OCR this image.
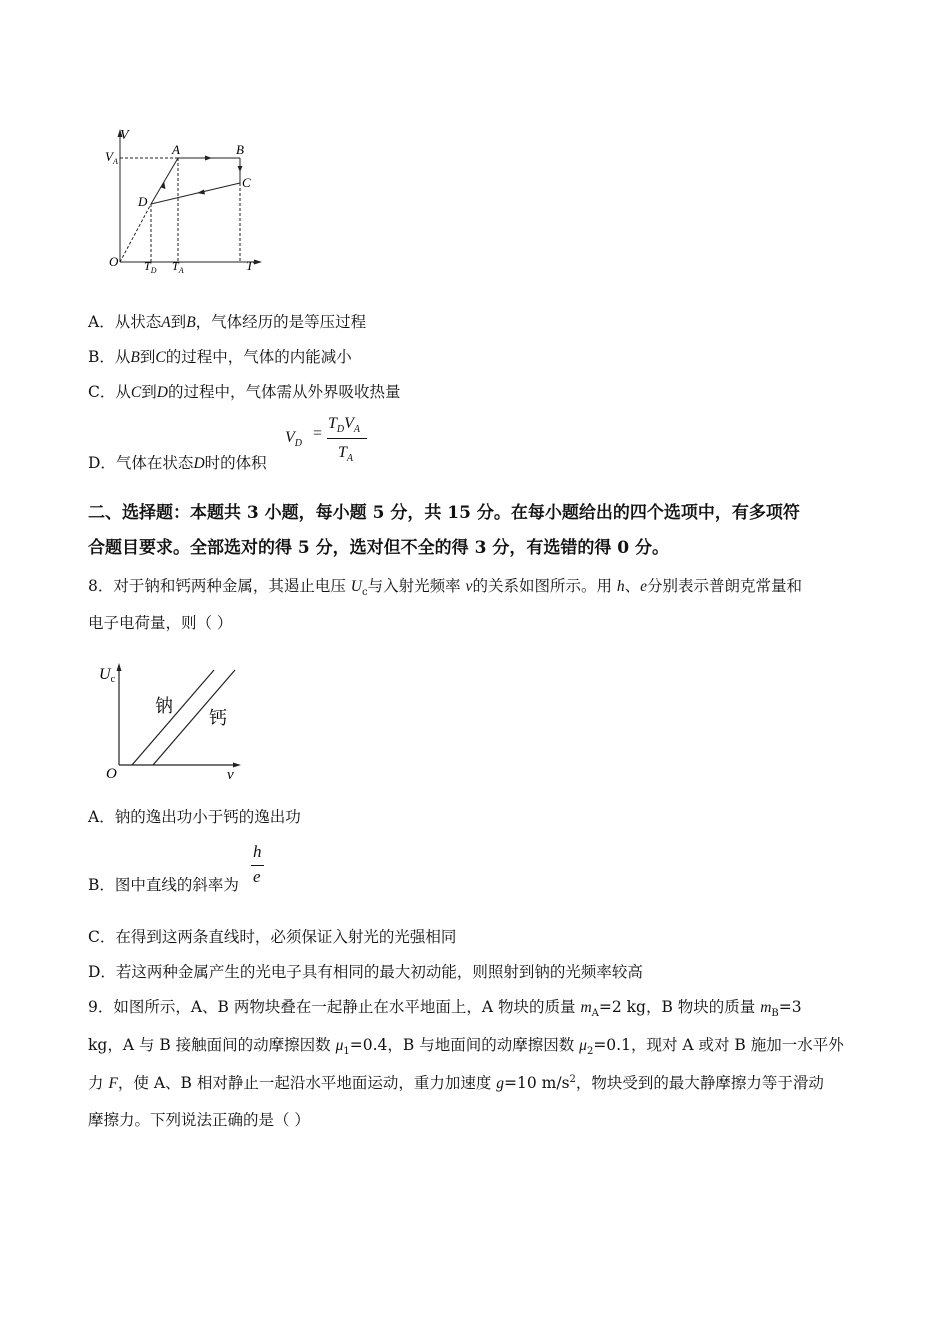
V
$V_A$
A	B
C
D
O $T_D$ $T_A$	T
A．从状态A到B，气体经历的是等压过程
B．从B到C的过程中，气体的内能减小
C．从C到D的过程中，气体需从外界吸收热量
D．气体在状态D时的体积
$V_D$
=
$T_DV_A$
$T_A$
二、选择题：本题共 3 小题，每小题 5 分，共 15 分。在每小题给出的四个选项中，有多项符
合题目要求。全部选对的得 5 分，选对但不全的得 3 分，有选错的得 0 分。
8．对于钠和钙两种金属，其遏止电压 $U_c$与入射光频率 ν的关系如图所示。用 h、e分别表示普朗克常量和
电子电荷量，则（ ）
Uc
O	ν
钠
钙
A．钠的逸出功小于钙的逸出功
B．图中直线的斜率为
h
e
C．在得到这两条直线时，必须保证入射光的光强相同
D．若这两种金属产生的光电子具有相同的最大初动能，则照射到钠的光频率较高
9．如图所示，A、B 两物块叠在一起静止在水平地面上，A 物块的质量 $m_A=2$ kg，B 物块的质量 $m_B=3$
kg，A 与 B 接触面间的动摩擦因数 $\mu_1=0.4$，B 与地面间的动摩擦因数 $\mu_2=0.1$，现对 A 或对 B 施加一水平外
力 F，使 A、B 相对静止一起沿水平地面运动，重力加速度 g=10 $m/s^2$，物块受到的最大静摩擦力等于滑动
摩擦力。下列说法正确的是（ ）
